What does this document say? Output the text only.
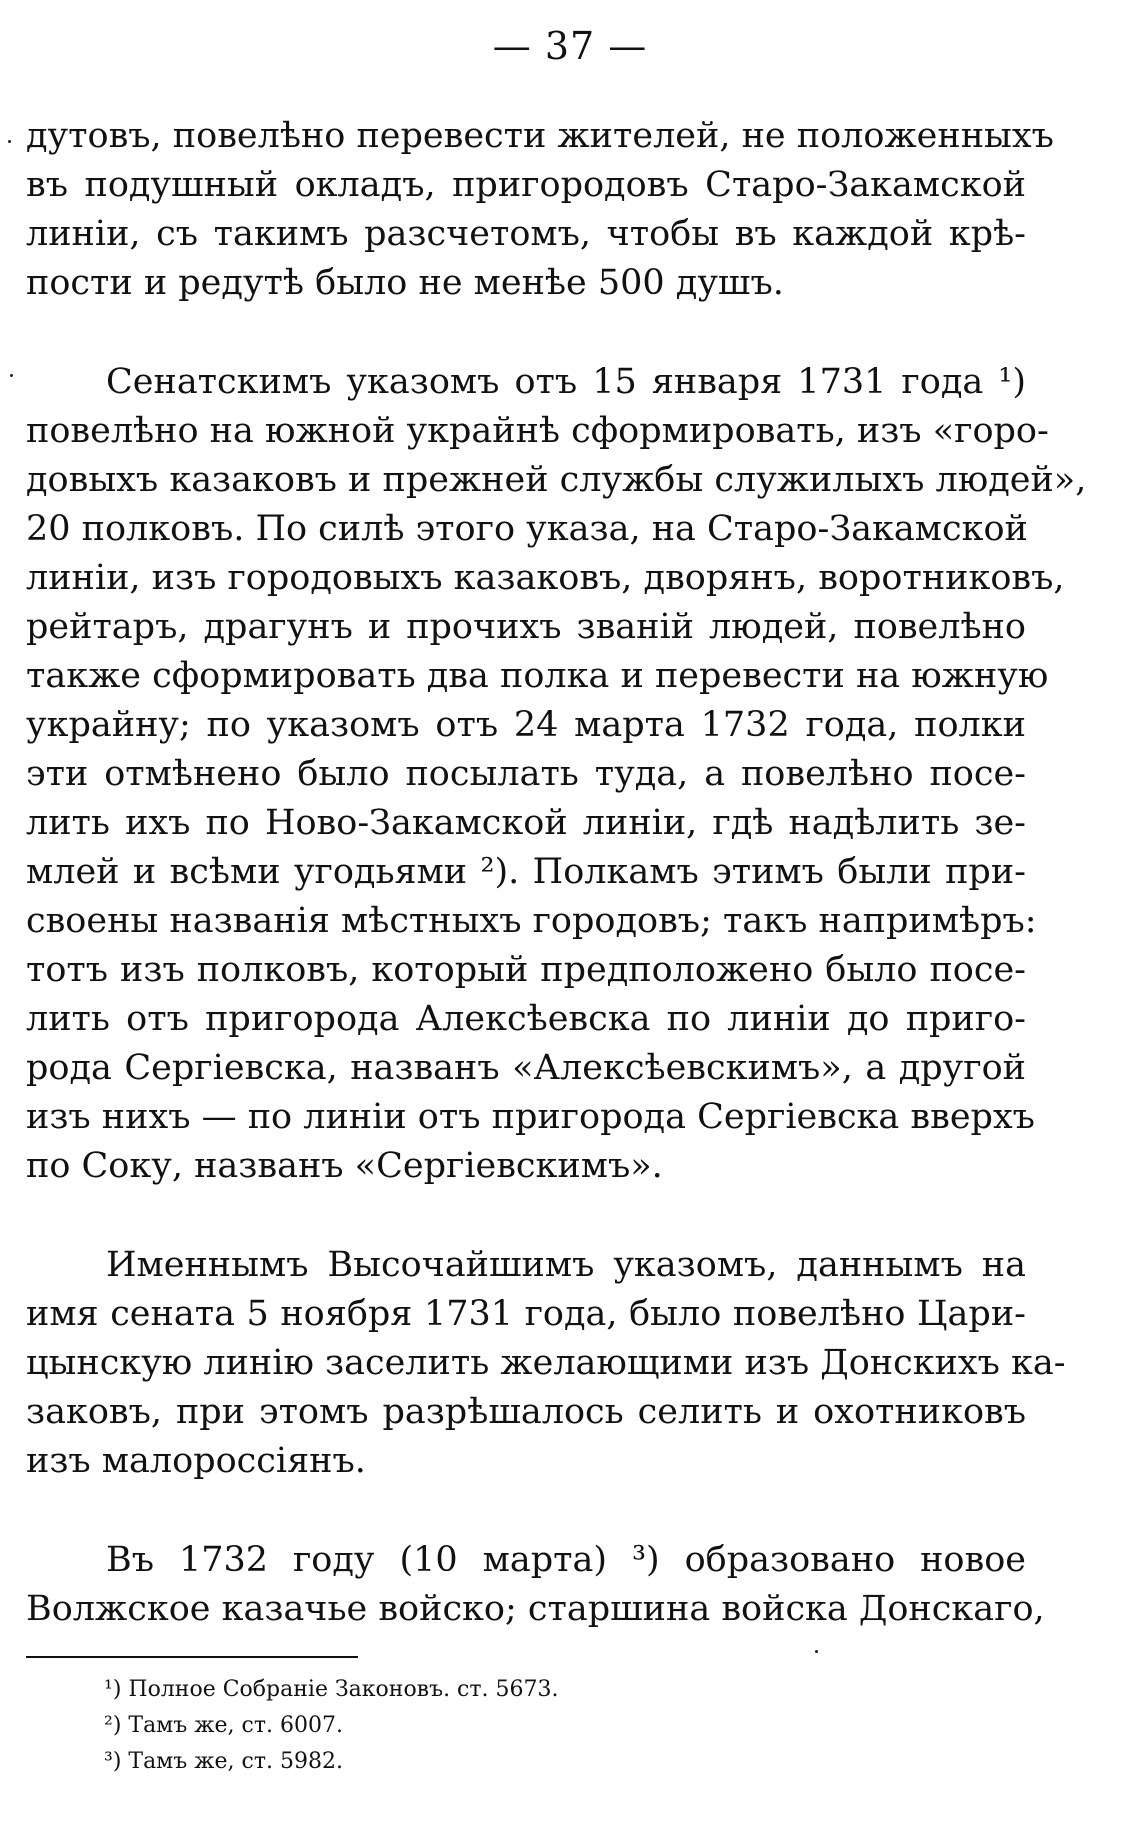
— 37 —

дутовъ, повелѣно перевести жителей, не положенныхъ
въ подушный окладъ, пригородовъ Старо-Закамской
линіи, съ такимъ разсчетомъ, чтобы въ каждой крѣ-
пости и редутѣ было не менѣе 500 душъ.

Сенатскимъ указомъ отъ 15 января 1731 года ¹)
повелѣно на южной украйнѣ сформировать, изъ «горо-
довыхъ казаковъ и прежней службы служилыхъ людей»,
20 полковъ. По силѣ этого указа, на Старо-Закамской
линіи, изъ городовыхъ казаковъ, дворянъ, воротниковъ,
рейтаръ, драгунъ и прочихъ званій людей, повелѣно
также сформировать два полка и перевести на южную
украйну; по указомъ отъ 24 марта 1732 года, полки
эти отмѣнено было посылать туда, а повелѣно посе-
лить ихъ по Ново-Закамской линіи, гдѣ надѣлить зе-
млей и всѣми угодьями ²). Полкамъ этимъ были при-
своены названія мѣстныхъ городовъ; такъ напримѣръ:
тотъ изъ полковъ, который предположено было посе-
лить отъ пригорода Алексѣевска по линіи до приго-
рода Сергіевска, названъ «Алексѣевскимъ», а другой
изъ нихъ — по линіи отъ пригорода Сергіевска вверхъ
по Соку, названъ «Сергіевскимъ».

Именнымъ Высочайшимъ указомъ, даннымъ на
имя сената 5 ноября 1731 года, было повелѣно Цари-
цынскую линію заселить желающими изъ Донскихъ ка-
заковъ, при этомъ разрѣшалось селить и охотниковъ
изъ малороссіянъ.

Въ 1732 году (10 марта) ³) образовано новое
Волжское казачье войско; старшина войска Донскаго,

¹) Полное Собраніе Законовъ. ст. 5673.
²) Тамъ же, ст. 6007.
³) Тамъ же, ст. 5982.
